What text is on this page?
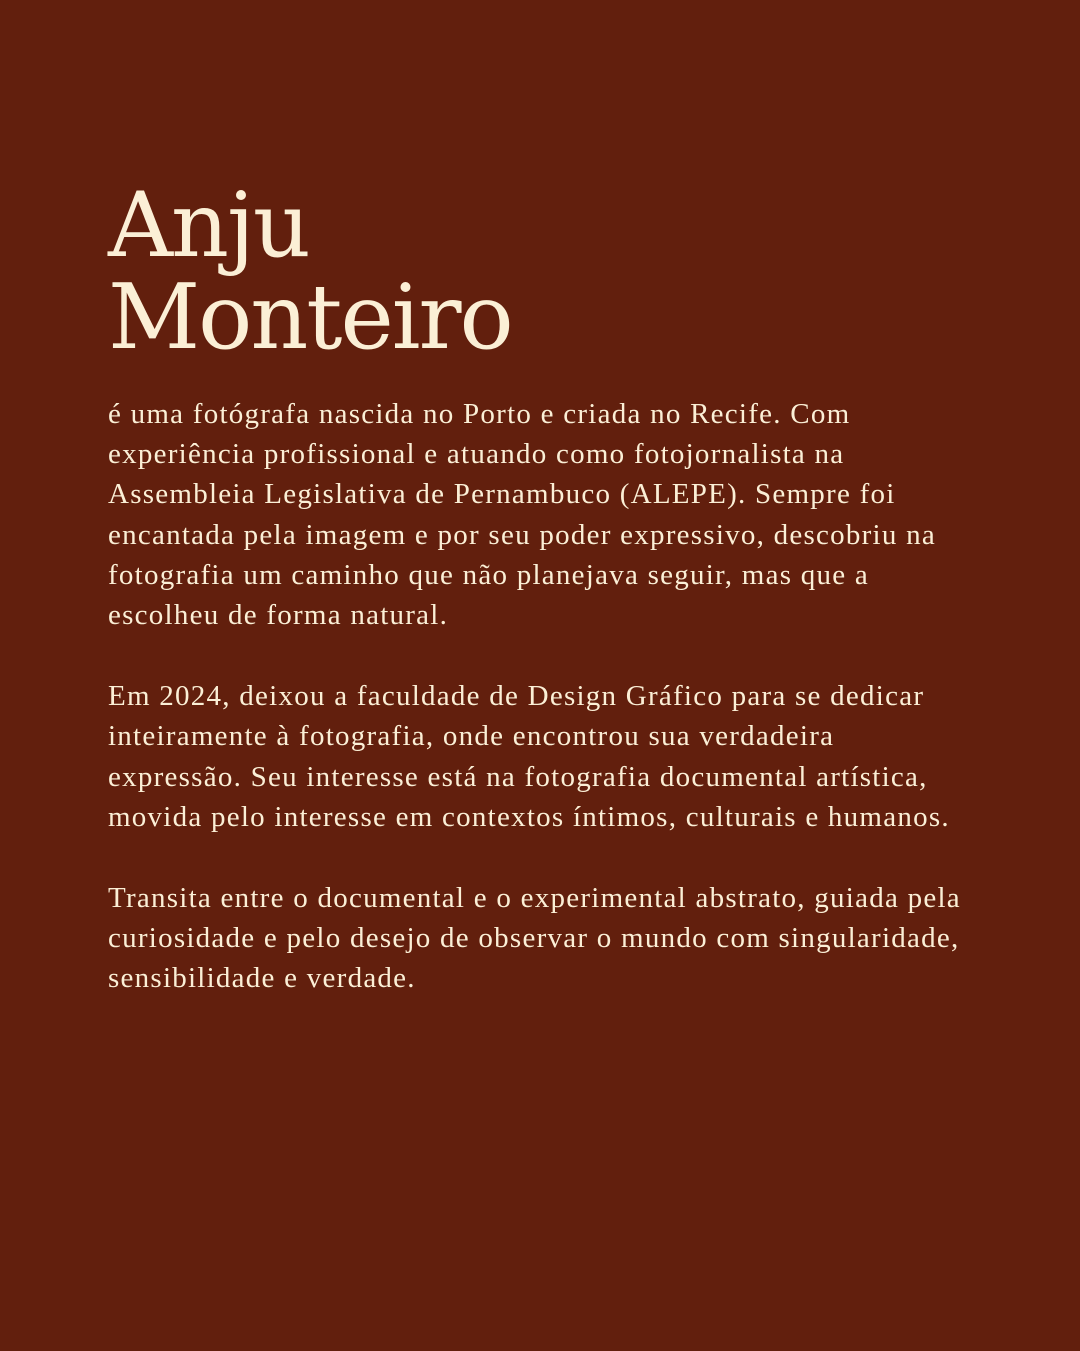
Anju
Monteiro

é uma fotógrafa nascida no Porto e criada no Recife. Com experiência profissional e atuando como fotojornalista na Assembleia Legislativa de Pernambuco (ALEPE). Sempre foi encantada pela imagem e por seu poder expressivo, descobriu na fotografia um caminho que não planejava seguir, mas que a escolheu de forma natural.

Em 2024, deixou a faculdade de Design Gráfico para se dedicar inteiramente à fotografia, onde encontrou sua verdadeira expressão. Seu interesse está na fotografia documental artística, movida pelo interesse em contextos íntimos, culturais e humanos.

Transita entre o documental e o experimental abstrato, guiada pela curiosidade e pelo desejo de observar o mundo com singularidade, sensibilidade e verdade.
